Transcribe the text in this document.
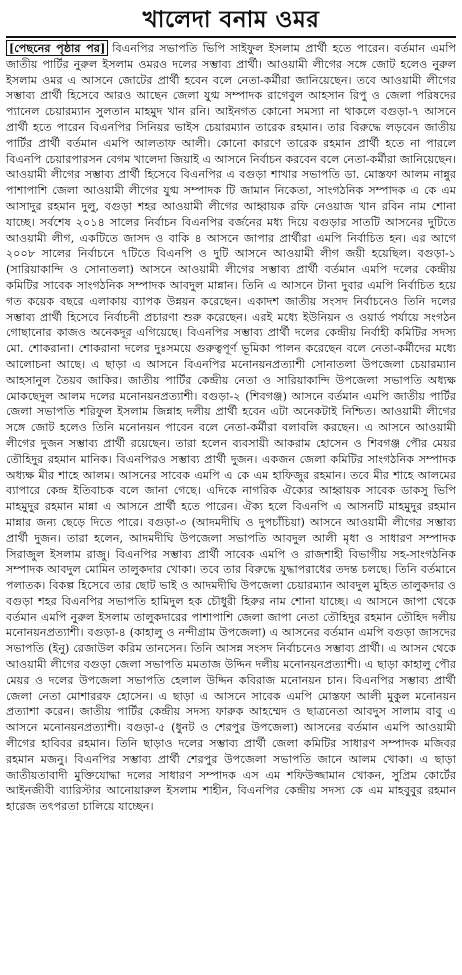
খালেদা বনাম ওমর

[পেছনের পৃষ্ঠার পর] বিএনপির সভাপতি ভিপি সাইফুল ইসলাম প্রার্থী হতে পারেন। বর্তমান এমপি জাতীয় পার্টির নুরুল ইসলাম ওমরও দলের সম্ভাব্য প্রার্থী। আওয়ামী লীগের সঙ্গে জোট হলেও নুরুল ইসলাম ওমর এ আসনে জোটের প্রার্থী হবেন বলে নেতা-কর্মীরা জানিয়েছেন। তবে আওয়ামী লীগের সম্ভাব্য প্রার্থী হিসেবে আরও আছেন জেলা যুগ্ম সম্পাদক রাগেবুল আহসান রিপু ও জেলা পরিষদের প্যানেল চেয়ারম্যান সুলতান মাহমুদ খান রনি। আইনগত কোনো সমস্যা না থাকলে বগুড়া-৭ আসনে প্রার্থী হতে পারেন বিএনপির সিনিয়র ভাইস চেয়ারম্যান তারেক রহমান। তার বিরুদ্ধে লড়বেন জাতীয় পার্টির প্রার্থী বর্তমান এমপি আলতাফ আলী। কোনো কারণে তারেক রহমান প্রার্থী হতে না পারলে বিএনপি চেয়ারপারসন বেগম খালেদা জিয়াই এ আসনে নির্বাচন করবেন বলে নেতা-কর্মীরা জানিয়েছেন। আওয়ামী লীগের সম্ভাব্য প্রার্থী হিসেবে বিএনপির এ বগুড়া শাখার সভাপতি ডা. মোস্তফা আলম নান্নুর পাশাপাশি জেলা আওয়ামী লীগের যুগ্ম সম্পাদক টি জামান নিকেতা, সাংগঠনিক সম্পাদক এ কে এম আসাদুর রহমান দুলু, বগুড়া শহর আওয়ামী লীগের আহ্বায়ক রফি নেওয়াজ খান রবিন নাম শোনা যাচ্ছে। সর্বশেষ ২০১৪ সালের নির্বাচন বিএনপির বর্জনের মধ্য দিয়ে বগুড়ার সাতটি আসনের দুটিতে আওয়ামী লীগ, একটিতে জাসদ ও বাকি ৪ আসনে জাপার প্রার্থীরা এমপি নির্বাচিত হন। এর আগে ২০০৮ সালের নির্বাচনে ৭টিতে বিএনপি ও দুটি আসনে আওয়ামী লীগ জয়ী হয়েছিল। বগুড়া-১ (সারিয়াকান্দি ও সোনাতলা) আসনে আওয়ামী লীগের সম্ভাব্য প্রার্থী বর্তমান এমপি দলের কেন্দ্রীয় কমিটির সাবেক সাংগঠনিক সম্পাদক আবদুল মান্নান। তিনি এ আসনে টানা দুবার এমপি নির্বাচিত হয়ে গত কয়েক বছরে এলাকায় ব্যাপক উন্নয়ন করেছেন। একাদশ জাতীয় সংসদ নির্বাচনেও তিনি দলের সম্ভাব্য প্রার্থী হিসেবে নির্বাচনী প্রচারণা শুরু করেছেন। এরই মধ্যে ইউনিয়ন ও ওয়ার্ড পর্যায়ে সংগঠন গোছানোর কাজও অনেকদূর এগিয়েছে। বিএনপির সম্ভাব্য প্রার্থী দলের কেন্দ্রীয় নির্বাহী কমিটির সদস্য মো. শোকরানা। শোকরানা দলের দুঃসময়ে গুরুত্বপূর্ণ ভূমিকা পালন করেছেন বলে নেতা-কর্মীদের মধ্যে আলোচনা আছে। এ ছাড়া এ আসনে বিএনপির মনোনয়নপ্রত্যাশী সোনাতলা উপজেলা চেয়ারম্যান আহসানুল তৈয়ব জাকির। জাতীয় পার্টির কেন্দ্রীয় নেতা ও সারিয়াকান্দি উপজেলা সভাপতি অধ্যক্ষ মোকছেদুল আলম দলের মনোনয়নপ্রত্যাশী। বগুড়া-২ (শিবগঞ্জ) আসনে বর্তমান এমপি জাতীয় পার্টির জেলা সভাপতি শরিফুল ইসলাম জিন্নাহ দলীয় প্রার্থী হবেন এটা অনেকটাই নিশ্চিত। আওয়ামী লীগের সঙ্গে জোট হলেও তিনি মনোনয়ন পাবেন বলে নেতা-কর্মীরা বলাবলি করছেন। এ আসনে আওয়ামী লীগের দুজন সম্ভাব্য প্রার্থী রয়েছেন। তারা হলেন ব্যবসায়ী আকরাম হোসেন ও শিবগঞ্জ পৌর মেয়র তৌহিদুর রহমান মানিক। বিএনপিরও সম্ভাব্য প্রার্থী দুজন। একজন জেলা কমিটির সাংগঠনিক সম্পাদক অধ্যক্ষ মীর শাহে আলম। আসনের সাবেক এমপি এ কে এম হাফিজুর রহমান। তবে মীর শাহে আলমের ব্যাপারে কেন্দ্র ইতিবাচক বলে জানা গেছে। এদিকে নাগরিক ঐক্যের আহ্বায়ক সাবেক ডাকসু ভিপি মাহমুদুর রহমান মান্না এ আসনে প্রার্থী হতে পারেন। ঐক্য হলে বিএনপি এ আসনটি মাহমুদুর রহমান মান্নার জন্য ছেড়ে দিতে পারে। বগুড়া-৩ (আদমদীঘি ও দুপচাঁচিয়া) আসনে আওয়ামী লীগের সম্ভাব্য প্রার্থী দুজন। তারা হলেন, আদমদীঘি উপজেলা সভাপতি আবদুল আলী মৃধা ও সাধারণ সম্পাদক সিরাজুল ইসলাম রাজু। বিএনপির সম্ভাব্য প্রার্থী সাবেক এমপি ও রাজশাহী বিভাগীয় সহ-সাংগঠনিক সম্পাদক আবদুল মোমিন তালুকদার খোকা। তবে তার বিরুদ্ধে যুদ্ধাপরাধের তদন্ত চলছে। তিনি বর্তমানে পলাতক। বিকল্প হিসেবে তার ছোট ভাই ও আদমদীঘি উপজেলা চেয়ারম্যান আবদুল মুহিত তালুকদার ও বগুড়া শহর বিএনপির সভাপতি হামিদুল হক চৌধুরী হিরুর নাম শোনা যাচ্ছে। এ আসনে জাপা থেকে বর্তমান এমপি নুরুল ইসলাম তালুকদারের পাশাপাশি জেলা জাপা নেতা তৌহিদুর রহমান তৌহিদ দলীয় মনোনয়নপ্রত্যাশী। বগুড়া-৪ (কাহালু ও নন্দীগ্রাম উপজেলা) এ আসনের বর্তমান এমপি বগুড়া জাসদের সভাপতি (ইনু) রেজাউল করিম তানসেন। তিনি আসন্ন সংসদ নির্বাচনেও সম্ভাব্য প্রার্থী। এ আসন থেকে আওয়ামী লীগের বগুড়া জেলা সভাপতি মমতাজ উদ্দিন দলীয় মনোনয়নপ্রত্যাশী। এ ছাড়া কাহালু পৌর মেয়র ও দলের উপজেলা সভাপতি হেলাল উদ্দিন কবিরাজ মনোনয়ন চান। বিএনপির সম্ভাব্য প্রার্থী জেলা নেতা মোশাররফ হোসেন। এ ছাড়া এ আসনে সাবেক এমপি মোস্তফা আলী মুকুল মনোনয়ন প্রত্যাশা করেন। জাতীয় পার্টির কেন্দ্রীয় সদস্য ফারুক আহম্মেদ ও ছাত্রনেতা আবদুস সালাম বাবু এ আসনে মনোনয়নপ্রত্যাশী। বগুড়া-৫ (ধুনট ও শেরপুর উপজেলা) আসনের বর্তমান এমপি আওয়ামী লীগের হাবিবর রহমান। তিনি ছাড়াও দলের সম্ভাব্য প্রার্থী জেলা কমিটির সাধারণ সম্পাদক মজিবর রহমান মজনু। বিএনপির সম্ভাব্য প্রার্থী শেরপুর উপজেলা সভাপতি জানে আলম খোকা। এ ছাড়া জাতীয়তাবাদী মুক্তিযোদ্ধা দলের সাধারণ সম্পাদক এস এম শফিউজ্জামান খোকন, সুপ্রিম কোর্টের আইনজীবী ব্যারিস্টার আনোয়ারুল ইসলাম শাহীন, বিএনপির কেন্দ্রীয় সদস্য কে এম মাহবুবুর রহমান হারেজ তৎপরতা চালিয়ে যাচ্ছেন।
